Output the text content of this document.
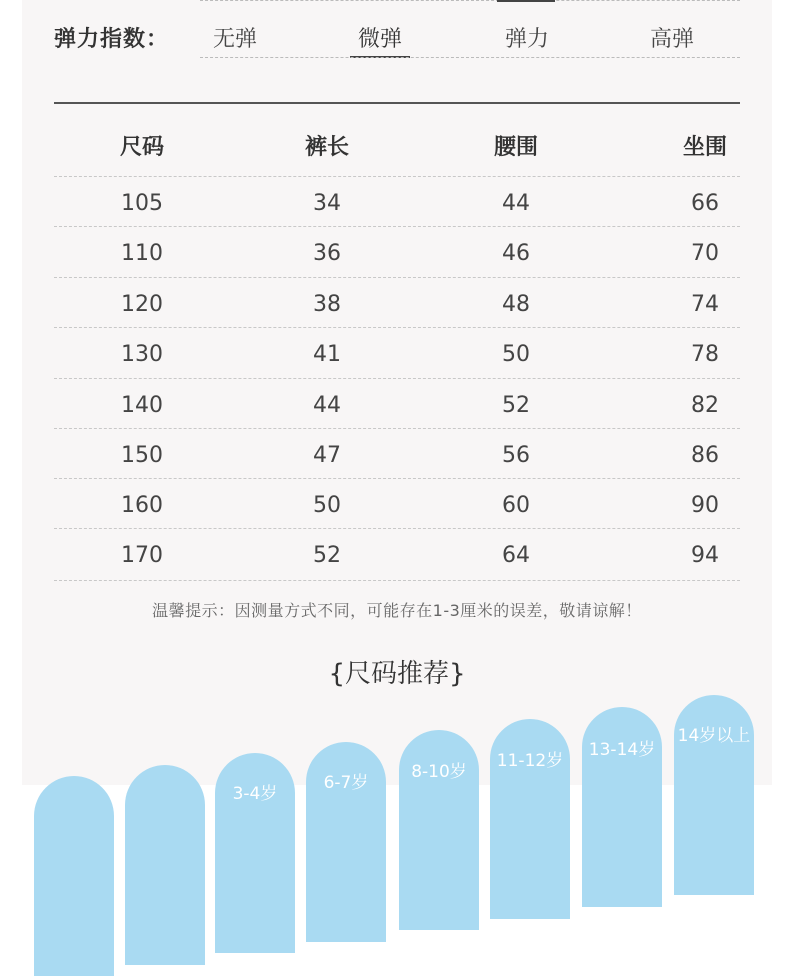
弹力指数：	无弹	微弹	弹力	高弹
尺码	裤长	腰围	坐围
105	34	44	66
110	36	46	70
120	38	48	74
130	41	50	78
140	44	52	82
150	47	56	86
160	50	60	90
170	52	64	94
温馨提示：因测量方式不同，可能存在1-3厘米的误差，敬请谅解！
{尺码推荐}
3-4岁
6-7岁
8-10岁
11-12岁
13-14岁
14岁以上
